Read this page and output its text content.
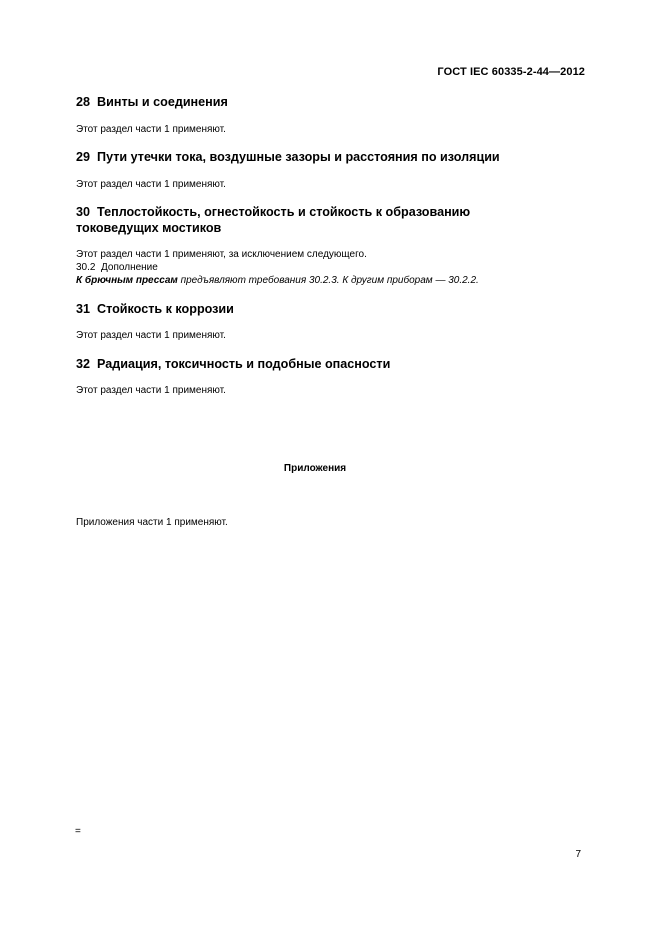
ГОСТ IEC 60335-2-44—2012
28 Винты и соединения
Этот раздел части 1 применяют.
29 Пути утечки тока, воздушные зазоры и расстояния по изоляции
Этот раздел части 1 применяют.
30 Теплостойкость, огнестойкость и стойкость к образованию
токоведущих мостиков
Этот раздел части 1 применяют, за исключением следующего.
30.2 Дополнение
К брючным прессам предъявляют требования 30.2.3. К другим приборам — 30.2.2.
31 Стойкость к коррозии
Этот раздел части 1 применяют.
32 Радиация, токсичность и подобные опасности
Этот раздел части 1 применяют.
Приложения
Приложения части 1 применяют.
=
7
